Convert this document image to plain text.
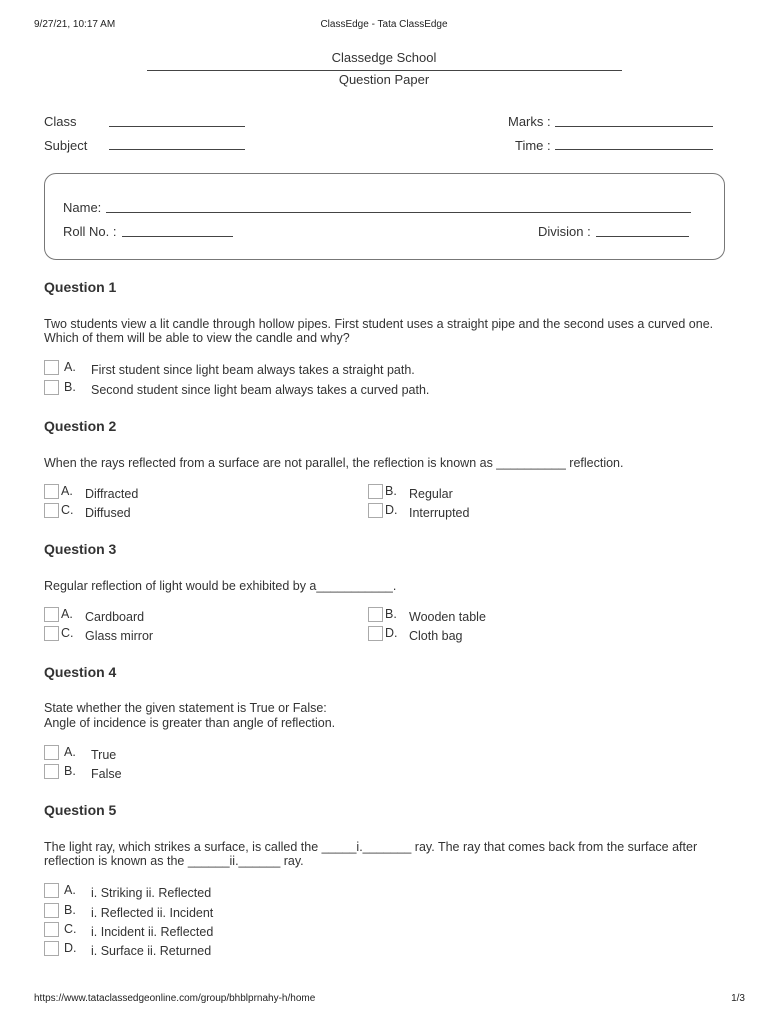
9/27/21, 10:17 AM	ClassEdge - Tata ClassEdge
Classedge School
Question Paper
Class
Subject
Marks :
Time :
Name:
Roll No. :	Division :
Question 1
Two students view a lit candle through hollow pipes. First student uses a straight pipe and the second uses a curved one. Which of them will be able to view the candle and why?
A. First student since light beam always takes a straight path.
B. Second student since light beam always takes a curved path.
Question 2
When the rays reflected from a surface are not parallel, the reflection is known as __________ reflection.
A. Diffracted	B. Regular
C. Diffused	D. Interrupted
Question 3
Regular reflection of light would be exhibited by a___________.
A. Cardboard	B. Wooden table
C. Glass mirror	D. Cloth bag
Question 4
State whether the given statement is True or False:
Angle of incidence is greater than angle of reflection.
A. True
B. False
Question 5
The light ray, which strikes a surface, is called the _____i._______ ray. The ray that comes back from the surface after reflection is known as the ______ii.______ ray.
A. i. Striking ii. Reflected
B. i. Reflected ii. Incident
C. i. Incident ii. Reflected
D. i. Surface ii. Returned
https://www.tataclassedgeonline.com/group/bhblprnahy-h/home	1/3
